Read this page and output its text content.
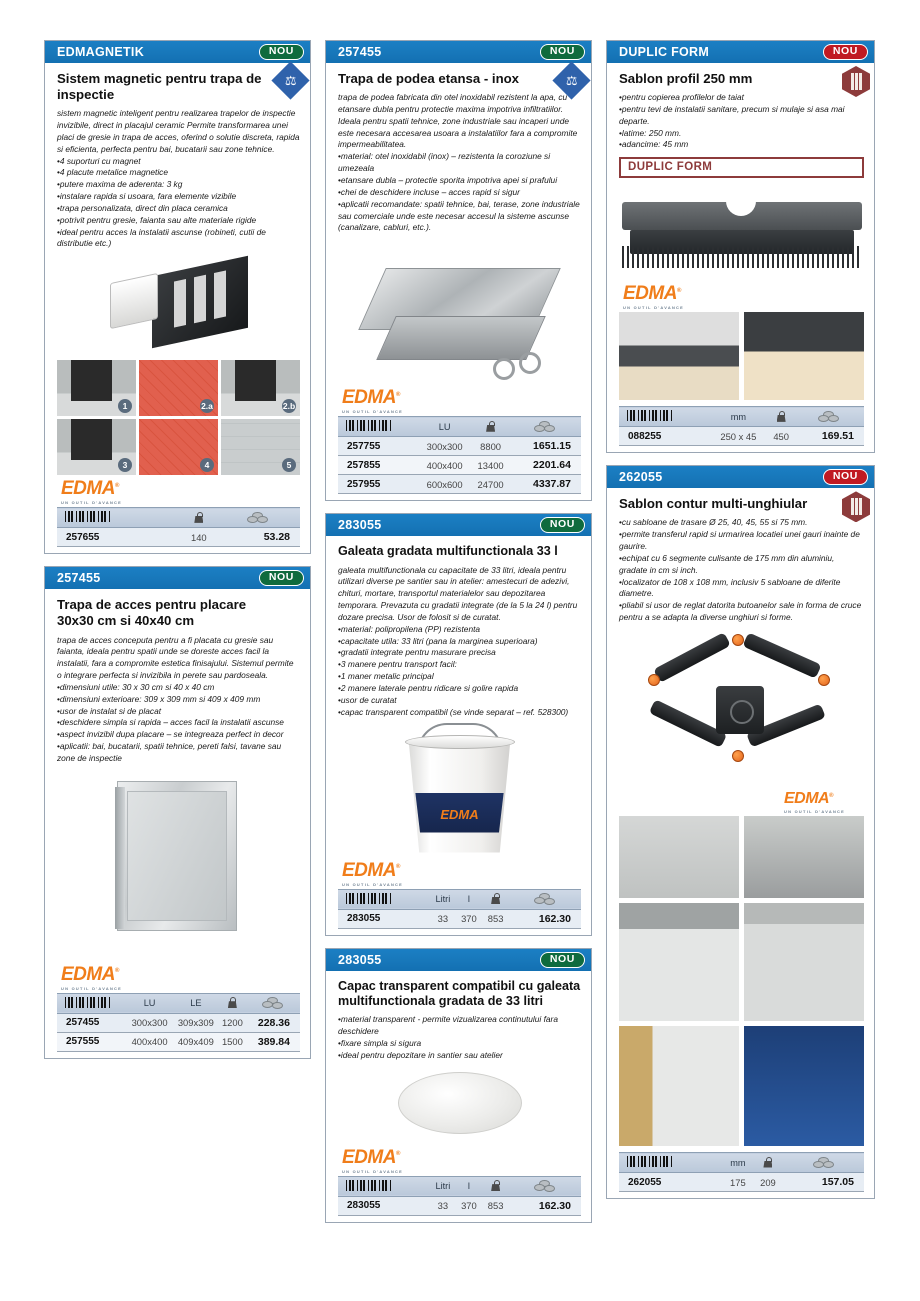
EDMAGNETIK	NOU
⚖
Sistem magnetic pentru trapa de inspectie

sistem magnetic inteligent pentru realizarea trapelor de inspectie invizibile, direct in placajul ceramic Permite transformarea unei placi de gresie in trapa de acces, oferind o solutie discreta, rapida si eficienta, perfecta pentru bai, bucatarii sau zone tehnice.

• 4 suporturi cu magnet

• 4 placute metalice magnetice

• putere maxima de aderenta: 3 kg

• instalare rapida si usoara, fara elemente vizibile

• trapa personalizata, direct din placa ceramica

• potrivit pentru gresie, faianta sau alte materiale rigide

• ideal pentru acces la instalatii ascunse (robineti, cutii de distributie etc.)

1	2.a	2.b
3	4	5
EDMA ®
UN OUTIL D'AVANCE

257655	140	53.28
257455	NOU
Trapa de acces pentru placare 30x30 cm si 40x40 cm

trapa de acces conceputa pentru a fi placata cu gresie sau faianta, ideala pentru spatii unde se doreste acces facil la instalatii, fara a compromite estetica finisajului. Sistemul permite o integrare perfecta si invizibila in perete sau pardoseala.

• dimensiuni utile: 30 x 30 cm si 40 x 40 cm

• dimensiuni exterioare: 309 x 309 mm si 409 x 409 mm

• usor de instalat si de placat

• deschidere simpla si rapida – acces facil la instalatii ascunse

• aspect invizibil dupa placare – se integreaza perfect in decor

• aplicatii: bai, bucatarii, spatii tehnice, pereti falsi, tavane sau zone de inspectie

EDMA ®
UN OUTIL D'AVANCE
	LU	LE		

257455	300x300	309x309	1200	228.36
257555	400x400	409x409	1500	389.84
257455	NOU
⚖
Trapa de podea etansa - inox

trapa de podea fabricata din otel inoxidabil rezistent la apa, cu etansare dubla pentru protectie maxima impotriva infiltratiilor. Ideala pentru spatii tehnice, zone industriale sau incaperi unde este necesara accesarea usoara a instalatiilor fara a compromite impermeabilitatea.

• material: otel inoxidabil (inox) – rezistenta la coroziune si umezeala

• etansare dubla – protectie sporita impotriva apei si prafului

• chei de deschidere incluse – acces rapid si sigur

• aplicatii recomandate: spatii tehnice, bai, terase, zone industriale sau comerciale unde este necesar accesul la sisteme ascunse (canalizare, cabluri, etc.).

EDMA ®
UN OUTIL D'AVANCE
	LU		

257755	300x300	8800	1651.15
257855	400x400	13400	2201.64
257955	600x600	24700	4337.87
283055	NOU
Galeata gradata multifunctionala 33 l

galeata multifunctionala cu capacitate de 33 litri, ideala pentru utilizari diverse pe santier sau in atelier: amestecuri de adezivi, chituri, mortare, transportul materialelor sau depozitarea temporara. Prevazuta cu gradatii integrate (de la 5 la 24 l) pentru dozare precisa. Usor de folosit si de curatat.

• material: polipropilena (PP) rezistenta

• capacitate utila: 33 litri (pana la marginea superioara)

• gradatii integrate pentru masurare precisa

• 3 manere pentru transport facil:

• 1 maner metalic principal

• 2 manere laterale pentru ridicare si golire rapida

• usor de curatat

• capac transparent compatibil (se vinde separat – ref. 528300)

EDMA
EDMA ®
UN OUTIL D'AVANCE
	Litri	l		

283055	33	370	853	162.30
283055	NOU
Capac transparent compatibil cu galeata multifunctionala gradata de 33 litri

• material transparent - permite vizualizarea continutului fara deschidere

• fixare simpla si sigura

• ideal pentru depozitare in santier sau atelier

EDMA ®
UN OUTIL D'AVANCE
	Litri	l		

283055	33	370	853	162.30
DUPLIC FORM	NOU
Sablon profil 250 mm

• pentru copierea profilelor de taiat

• pentru tevi de instalatii sanitare, precum si mulaje si asa mai departe.

• latime: 250 mm.

• adancime: 45 mm

DUPLIC FORM
EDMA ®
UN OUTIL D'AVANCE
	mm		

088255	250 x 45	450	169.51
262055	NOU
Sablon contur multi-unghiular

• cu sabloane de trasare Ø 25, 40, 45, 55 si 75 mm.

• permite transferul rapid si urmarirea locatiei unei gauri inainte de gaurire.

• echipat cu 6 segmente culisante de 175 mm din aluminiu, gradate in cm si inch.

• localizator de 108 x 108 mm, inclusiv 5 sabloane de diferite diametre.

• pliabil si usor de reglat datorita butoanelor sale in forma de cruce pentru a se adapta la diverse unghiuri si forme.

EDMA ®
UN OUTIL D'AVANCE
	mm		

262055	175	209	157.05
